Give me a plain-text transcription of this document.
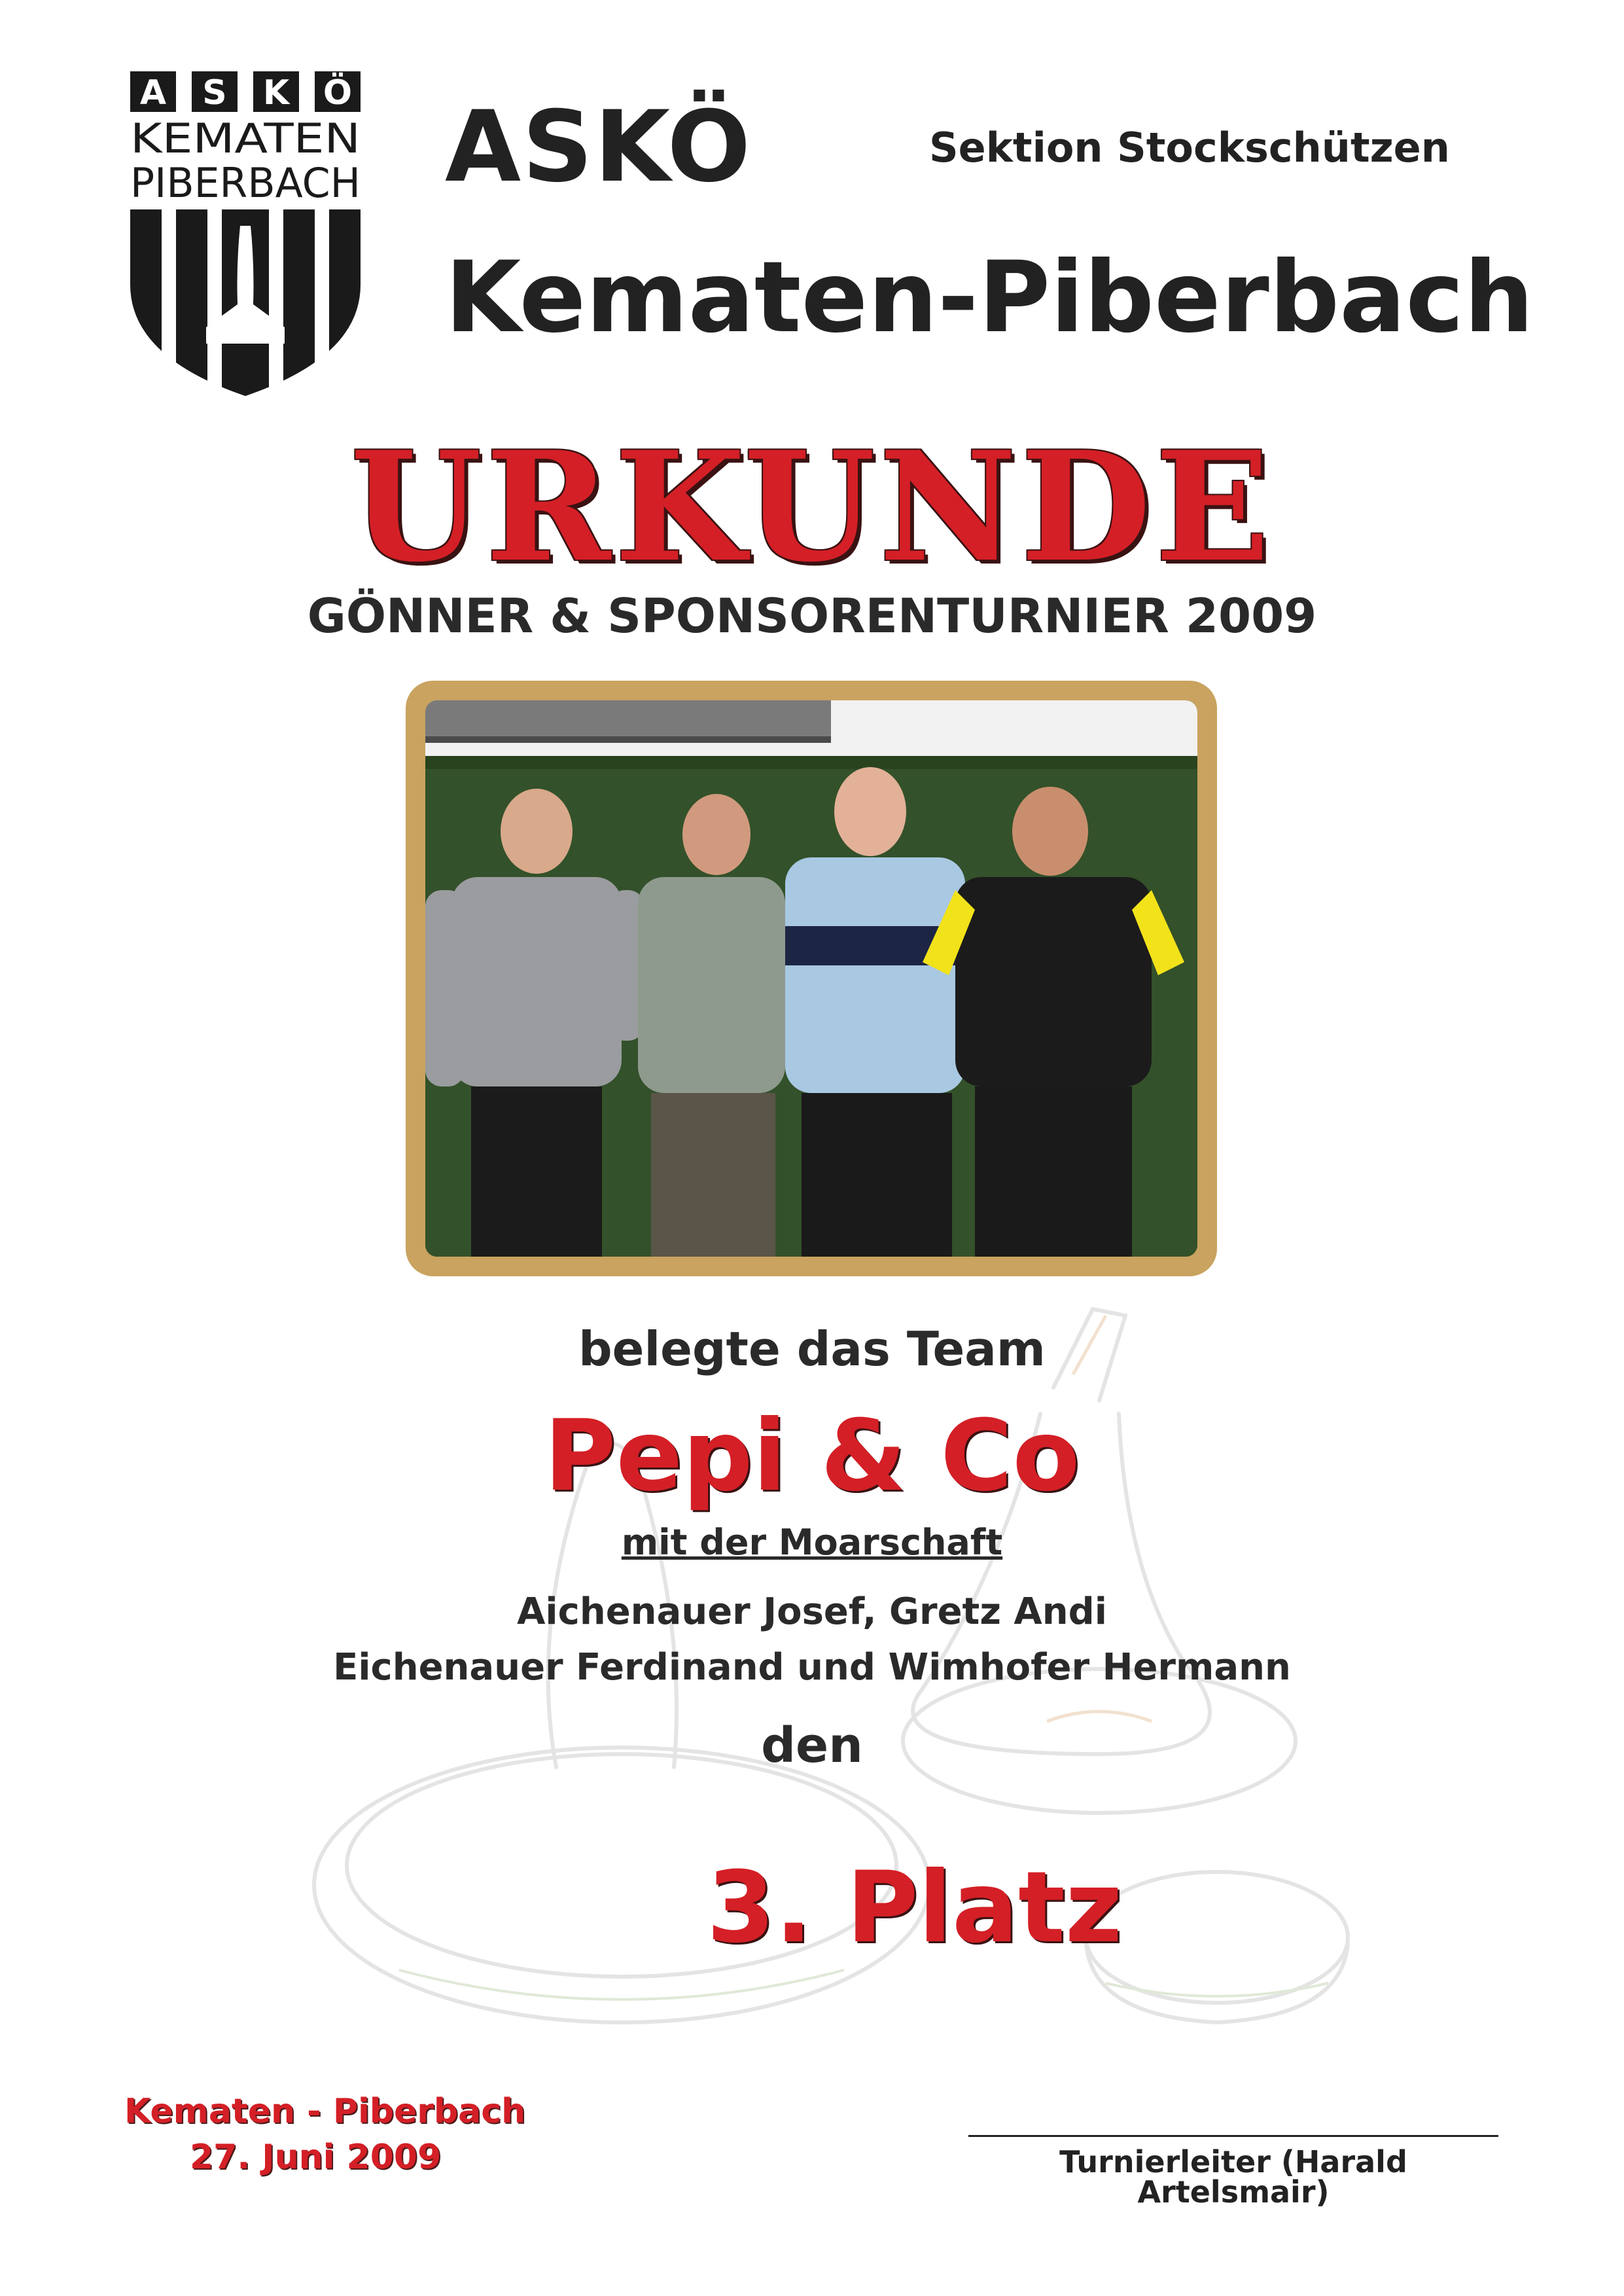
A S K Ö
KEMATEN
PIBERBACH ASKÖ	Sektion Stockschützen
Kematen-Piberbach
URKUNDE
GÖNNER & SPONSORENTURNIER 2009
belegte das Team
Pepi & Co
mit der Moarschaft
Aichenauer Josef, Gretz Andi
Eichenauer Ferdinand und Wimhofer Hermann
den
3. Platz
Kematen - Piberbach
27. Juni 2009	Turnierleiter (Harald Artelsmair)
